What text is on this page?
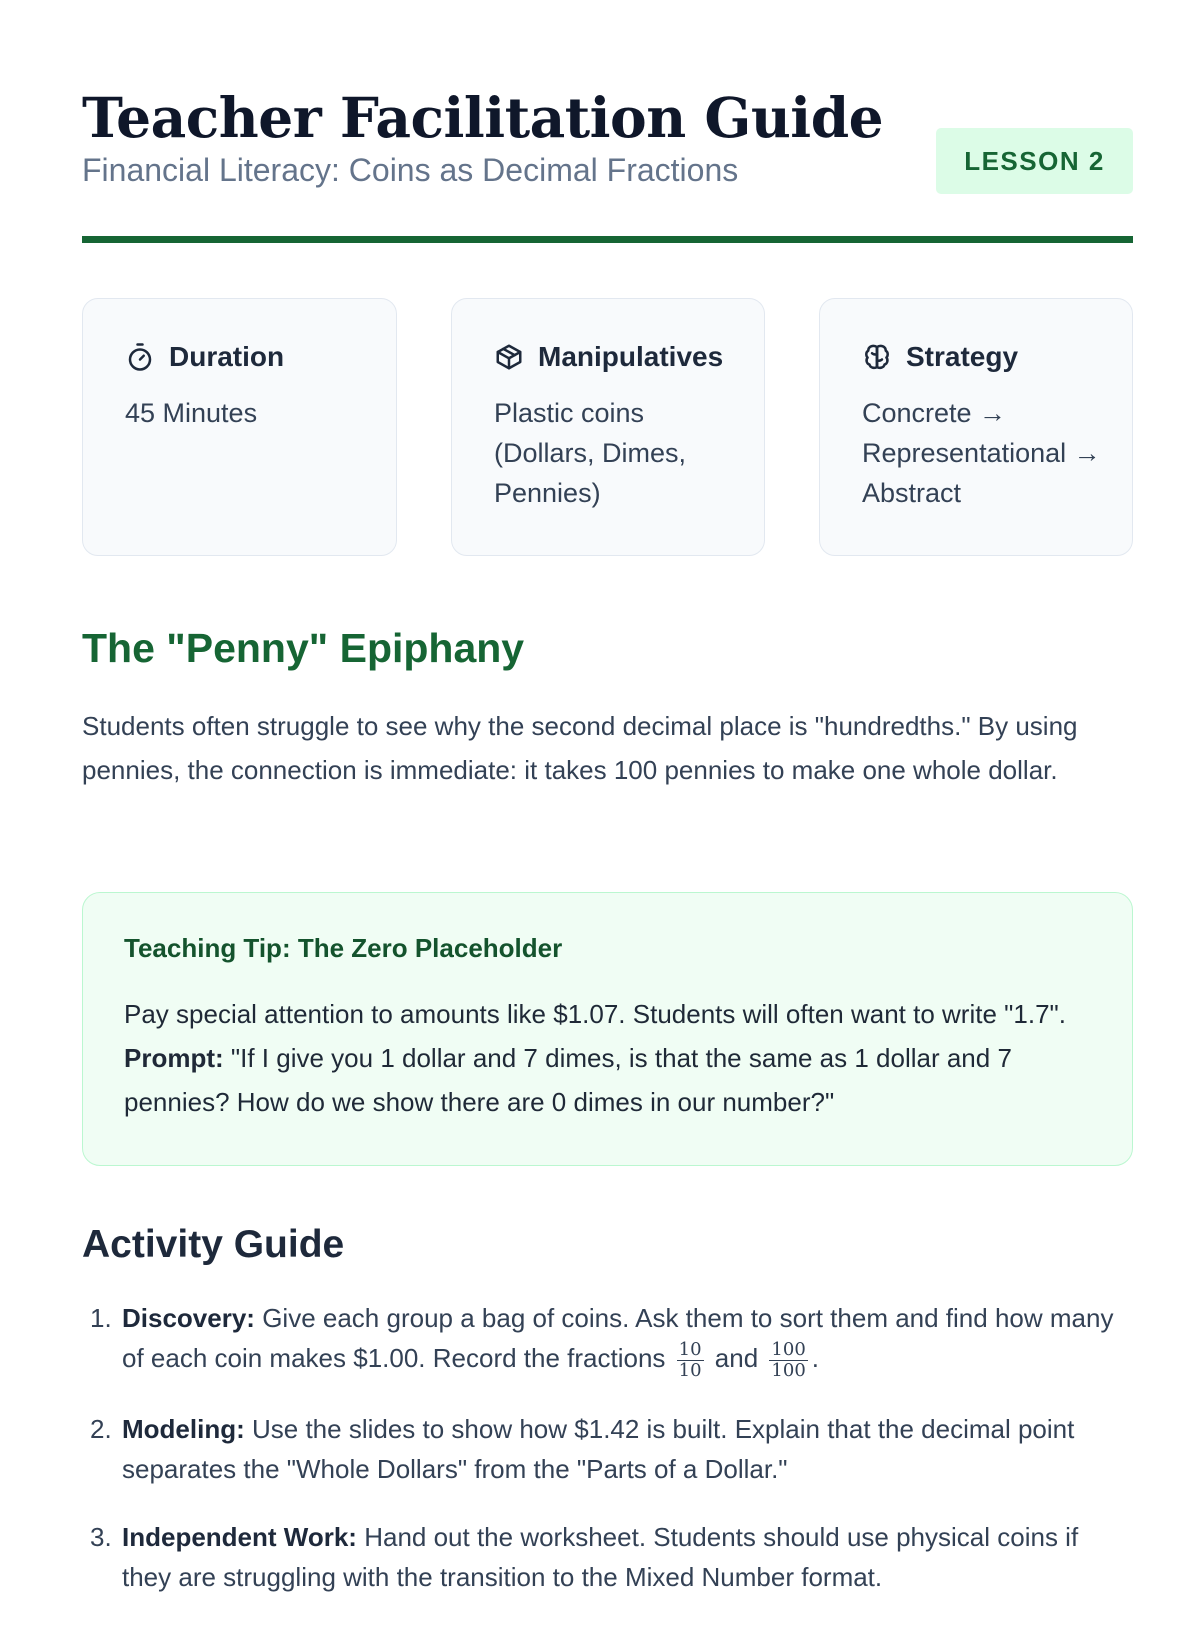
Teacher Facilitation Guide
Financial Literacy: Coins as Decimal Fractions	LESSON 2
Duration
45 Minutes
Manipulatives
Plastic coins (Dollars, Dimes, Pennies)
Strategy
Concrete → Representational → Abstract
The "Penny" Epiphany

Students often struggle to see why the second decimal place is "hundredths." By using pennies, the connection is immediate: it takes 100 pennies to make one whole dollar.

Teaching Tip: The Zero Placeholder

Pay special attention to amounts like $1.07. Students will often want to write "1.7". Prompt: "If I give you 1 dollar and 7 dimes, is that the same as 1 dollar and 7 pennies? How do we show there are 0 dimes in our number?"

Activity Guide
1. Discovery: Give each group a bag of coins. Ask them to sort them and find how many of each coin makes $1.00. Record the fractions $\frac{10}{10}$ and $\frac{100}{100}$ .
2. Modeling: Use the slides to show how $1.42 is built. Explain that the decimal point separates the "Whole Dollars" from the "Parts of a Dollar."
3. Independent Work: Hand out the worksheet. Students should use physical coins if they are struggling with the transition to the Mixed Number format.
